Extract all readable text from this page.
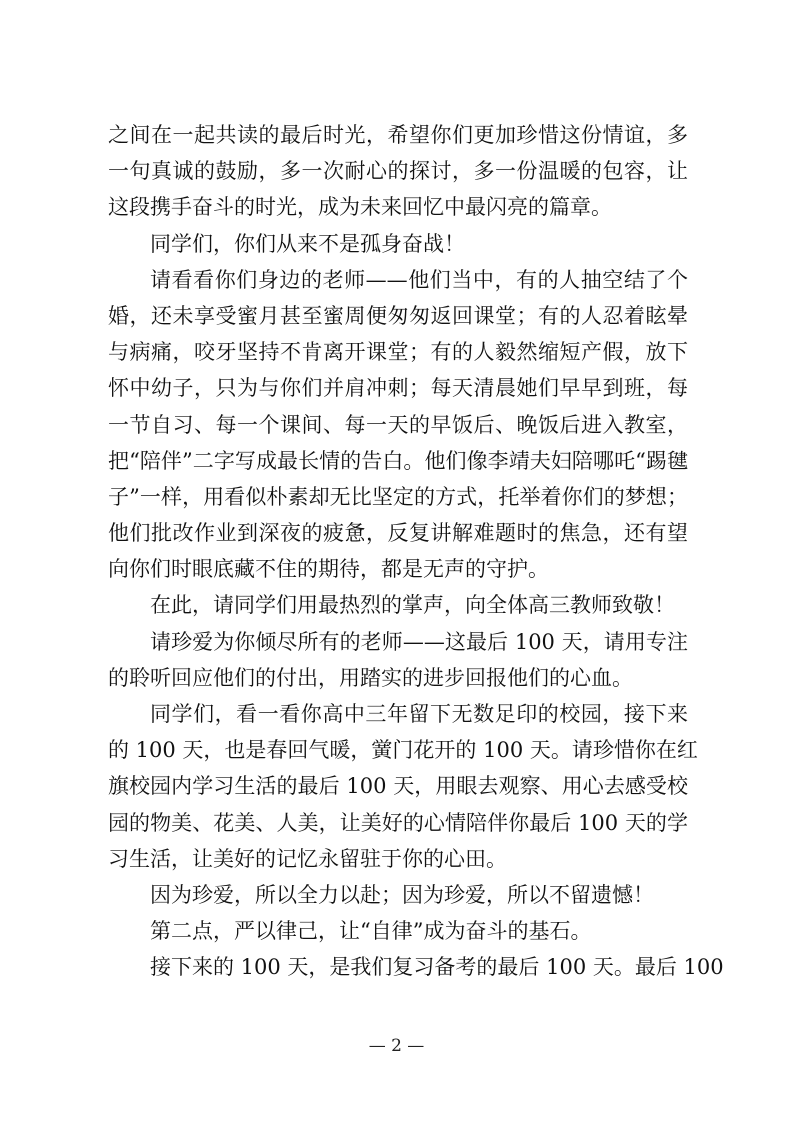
之间在一起共读的最后时光，希望你们更加珍惜这份情谊，多
一句真诚的鼓励，多一次耐心的探讨，多一份温暖的包容，让
这段携手奋斗的时光，成为未来回忆中最闪亮的篇章。
同学们，你们从来不是孤身奋战！
请看看你们身边的老师——他们当中，有的人抽空结了个
婚，还未享受蜜月甚至蜜周便匆匆返回课堂；有的人忍着眩晕
与病痛，咬牙坚持不肯离开课堂；有的人毅然缩短产假，放下
怀中幼子，只为与你们并肩冲刺；每天清晨她们早早到班，每
一节自习、每一个课间、每一天的早饭后、晚饭后进入教室，
把“陪伴”二字写成最长情的告白。他们像李靖夫妇陪哪吒“踢毽
子”一样，用看似朴素却无比坚定的方式，托举着你们的梦想；
他们批改作业到深夜的疲惫，反复讲解难题时的焦急，还有望
向你们时眼底藏不住的期待，都是无声的守护。
在此，请同学们用最热烈的掌声，向全体高三教师致敬！
请珍爱为你倾尽所有的老师——这最后 100 天，请用专注
的聆听回应他们的付出，用踏实的进步回报他们的心血。
同学们，看一看你高中三年留下无数足印的校园，接下来
的 100 天，也是春回气暖，黉门花开的 100 天。请珍惜你在红
旗校园内学习生活的最后 100 天，用眼去观察、用心去感受校
园的物美、花美、人美，让美好的心情陪伴你最后 100 天的学
习生活，让美好的记忆永留驻于你的心田。
因为珍爱，所以全力以赴；因为珍爱，所以不留遗憾！
第二点，严以律己，让“自律”成为奋斗的基石。
接下来的 100 天，是我们复习备考的最后 100 天。最后 100
— 2 —
